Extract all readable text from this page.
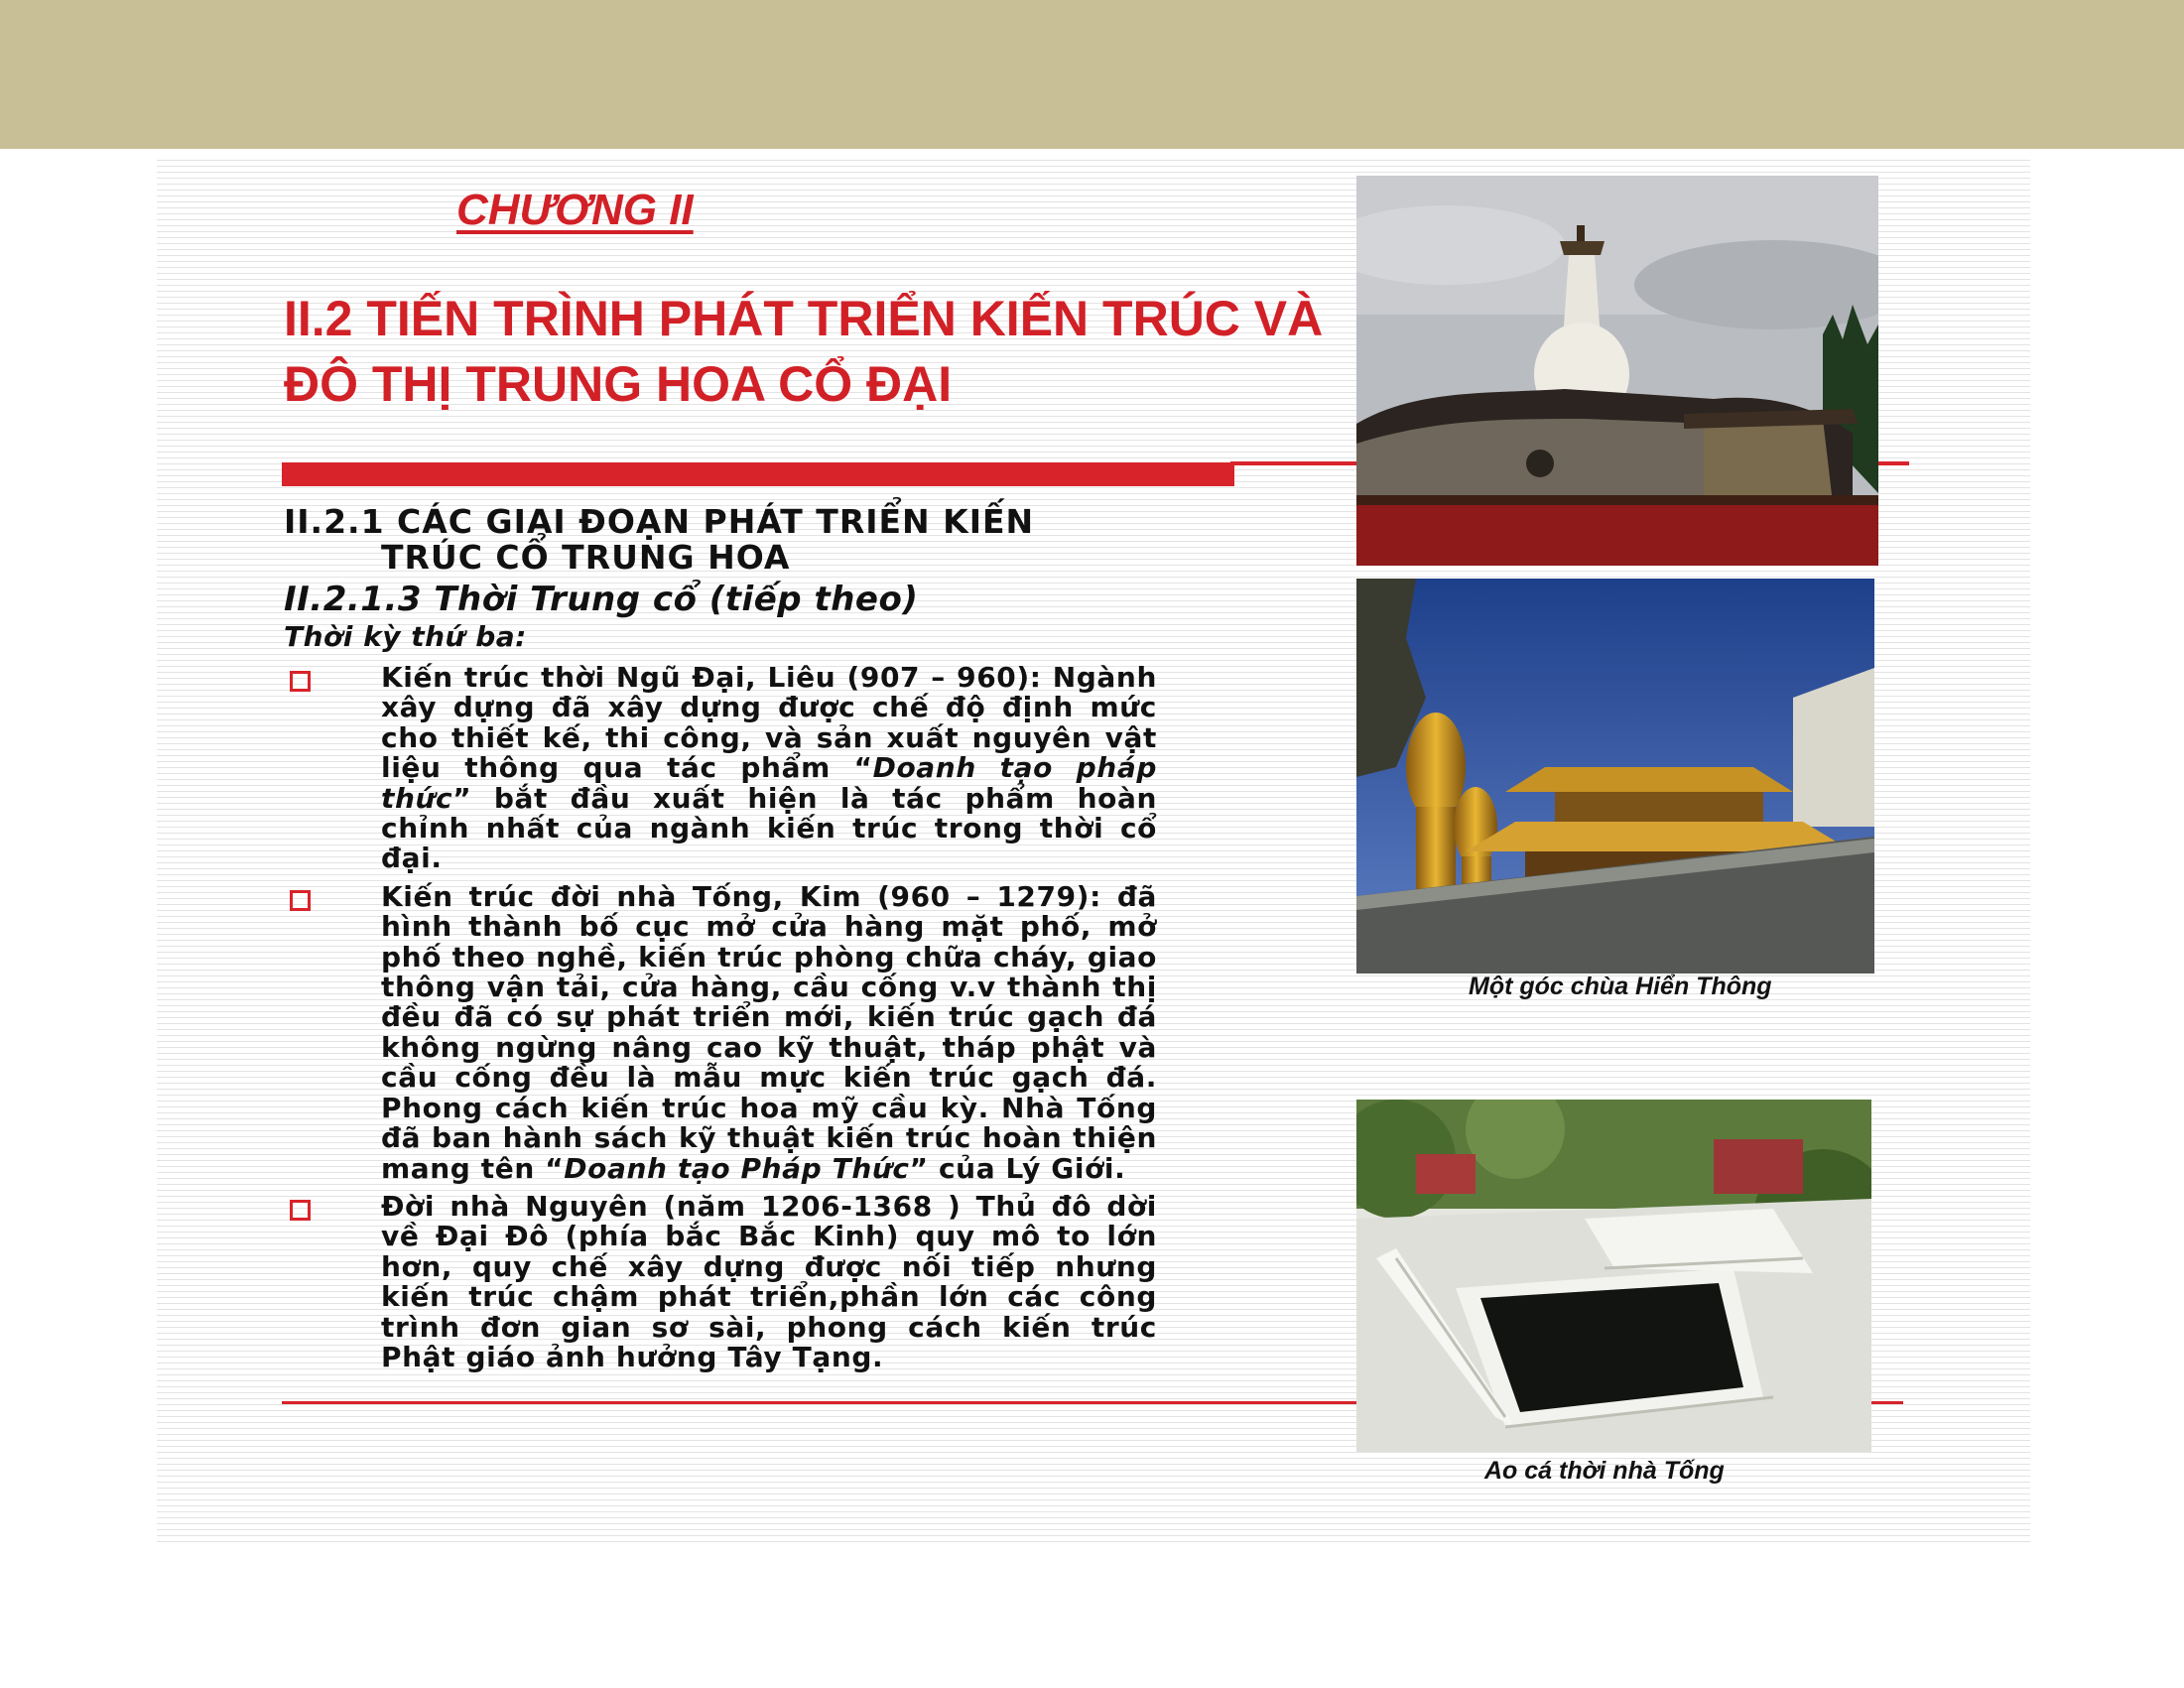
CHƯƠNG II
II.2 TIẾN TRÌNH PHÁT TRIỂN KIẾN TRÚC VÀ ĐÔ THỊ TRUNG HOA CỔ ĐẠI
II.2.1 CÁC GIAI ĐOẠN PHÁT TRIỂN KIẾN
TRÚC CỔ TRUNG HOA
II.2.1.3 Thời Trung cổ (tiếp theo)
Thời kỳ thứ ba:
Kiến trúc thời Ngũ Đại, Liêu (907 – 960): Ngành xây dựng đã xây dựng được chế độ định mức cho thiết kế, thi công, và sản xuất nguyên vật liệu thông qua tác phẩm “Doanh tạo pháp thức” bắt đầu xuất hiện là tác phẩm hoàn chỉnh nhất của ngành kiến trúc trong thời cổ đại.
Kiến trúc đời nhà Tống, Kim (960 – 1279): đã hình thành bố cục mở cửa hàng mặt phố, mở phố theo nghề, kiến trúc phòng chữa cháy, giao thông vận tải, cửa hàng, cầu cống v.v thành thị đều đã có sự phát triển mới, kiến trúc gạch đá không ngừng nâng cao kỹ thuật, tháp phật và cầu cống đều là mẫu mực kiến trúc gạch đá. Phong cách kiến trúc hoa mỹ cầu kỳ. Nhà Tống đã ban hành sách kỹ thuật kiến trúc hoàn thiện mang tên “Doanh tạo Pháp Thức” của Lý Giới.
Đời nhà Nguyên (năm 1206-1368 ) Thủ đô dời về Đại Đô (phía bắc Bắc Kinh) quy mô to lớn hơn, quy chế xây dựng được nối tiếp nhưng kiến trúc chậm phát triển,phần lớn các công trình đơn gian sơ sài, phong cách kiến trúc Phật giáo ảnh hưởng Tây Tạng.

Một góc chùa Hiển Thông

Ao cá thời nhà Tống
